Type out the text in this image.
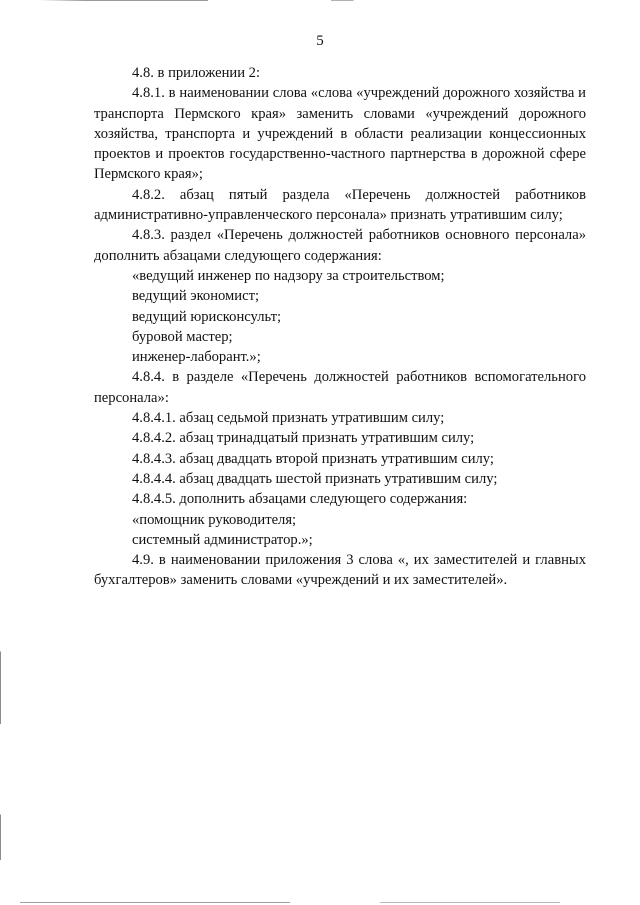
5

4.8. в приложении 2:

4.8.1. в наименовании слова «слова «учреждений дорожного хозяйства и транспорта Пермского края» заменить словами «учреждений дорожного хозяйства, транспорта и учреждений в области реализации концессионных проектов и проектов государственно-частного партнерства в дорожной сфере Пермского края»;

4.8.2. абзац пятый раздела «Перечень должностей работников административно-управленческого персонала» признать утратившим силу;

4.8.3. раздел «Перечень должностей работников основного персонала» дополнить абзацами следующего содержания:

«ведущий инженер по надзору за строительством;

ведущий экономист;

ведущий юрисконсульт;

буровой мастер;

инженер-лаборант.»;

4.8.4. в разделе «Перечень должностей работников вспомогательного персонала»:

4.8.4.1. абзац седьмой признать утратившим силу;

4.8.4.2. абзац тринадцатый признать утратившим силу;

4.8.4.3. абзац двадцать второй признать утратившим силу;

4.8.4.4. абзац двадцать шестой признать утратившим силу;

4.8.4.5. дополнить абзацами следующего содержания:

«помощник руководителя;

системный администратор.»;

4.9. в наименовании приложения 3 слова «, их заместителей и главных бухгалтеров» заменить словами «учреждений и их заместителей».
